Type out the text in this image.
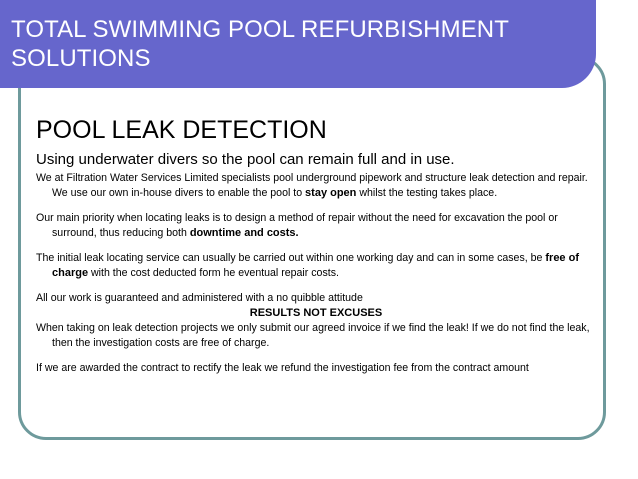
TOTAL SWIMMING POOL REFURBISHMENT SOLUTIONS
POOL LEAK DETECTION
Using underwater divers so the pool can remain full and in use.
We at Filtration Water Services Limited specialists pool underground pipework and structure leak detection and repair. We use our own in-house divers to enable the pool to stay open whilst the testing takes place.
Our main priority when locating leaks is to design a method of repair without the need for excavation the pool or surround, thus reducing both downtime and costs.
The initial leak locating service can usually be carried out within one working day and can in some cases, be free of charge with the cost deducted form he eventual repair costs.
All our work is guaranteed and administered with a no quibble attitude
RESULTS NOT EXCUSES
When taking on leak detection projects we only submit our agreed invoice if we find the leak! If we do not find the leak, then the investigation costs are free of charge.
If we are awarded the contract to rectify the leak we refund the investigation fee from the contract amount
